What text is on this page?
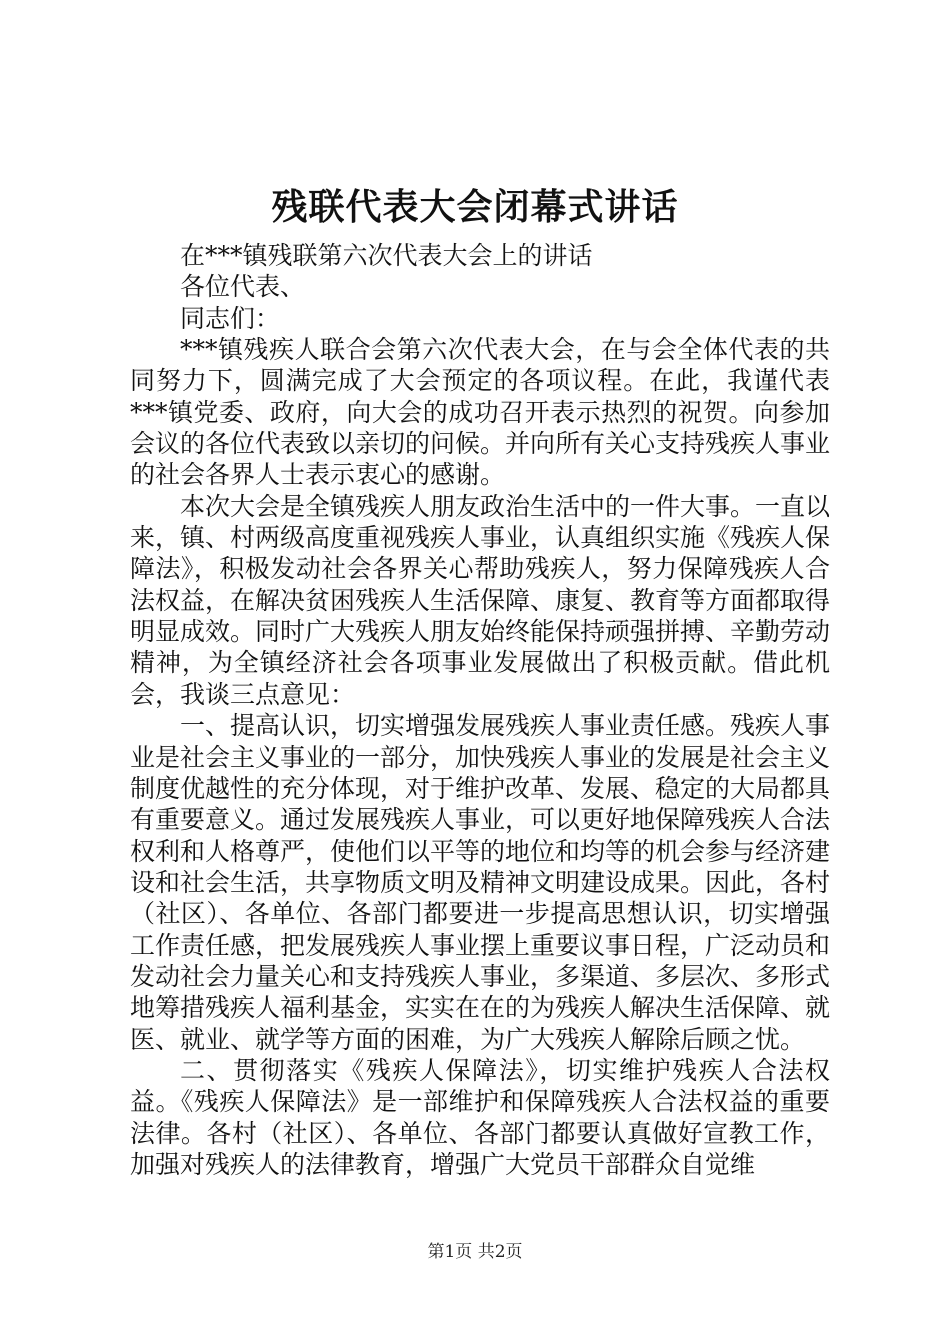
残联代表大会闭幕式讲话

在***镇残联第六次代表大会上的讲话

各位代表、

同志们：

***镇残疾人联合会第六次代表大会，在与会全体代表的共同努力下，圆满完成了大会预定的各项议程。在此，我谨代表***镇党委、政府，向大会的成功召开表示热烈的祝贺。向参加会议的各位代表致以亲切的问候。并向所有关心支持残疾人事业的社会各界人士表示衷心的感谢。

本次大会是全镇残疾人朋友政治生活中的一件大事。一直以来，镇、村两级高度重视残疾人事业，认真组织实施《残疾人保障法》，积极发动社会各界关心帮助残疾人，努力保障残疾人合法权益，在解决贫困残疾人生活保障、康复、教育等方面都取得明显成效。同时广大残疾人朋友始终能保持顽强拼搏、辛勤劳动精神，为全镇经济社会各项事业发展做出了积极贡献。借此机会，我谈三点意见：

一、提高认识，切实增强发展残疾人事业责任感。残疾人事业是社会主义事业的一部分，加快残疾人事业的发展是社会主义制度优越性的充分体现，对于维护改革、发展、稳定的大局都具有重要意义。通过发展残疾人事业，可以更好地保障残疾人合法权利和人格尊严，使他们以平等的地位和均等的机会参与经济建设和社会生活，共享物质文明及精神文明建设成果。因此，各村（社区）、各单位、各部门都要进一步提高思想认识，切实增强工作责任感，把发展残疾人事业摆上重要议事日程，广泛动员和发动社会力量关心和支持残疾人事业，多渠道、多层次、多形式地筹措残疾人福利基金，实实在在的为残疾人解决生活保障、就医、就业、就学等方面的困难，为广大残疾人解除后顾之忧。

二、贯彻落实《残疾人保障法》，切实维护残疾人合法权益。《残疾人保障法》是一部维护和保障残疾人合法权益的重要法律。各村（社区）、各单位、各部门都要认真做好宣教工作，加强对残疾人的法律教育，增强广大党员干部群众自觉维

第1页 共2页
